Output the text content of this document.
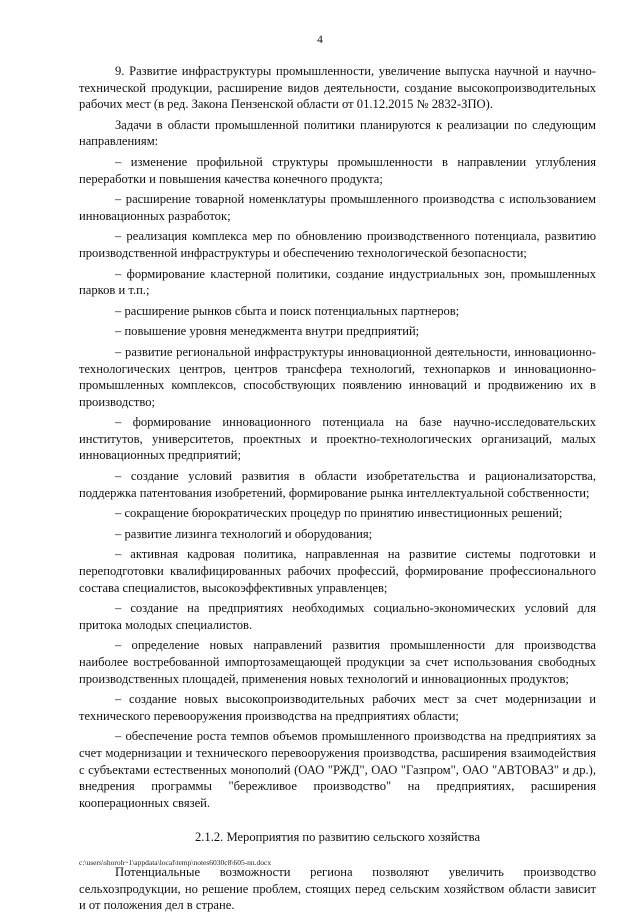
4

9. Развитие инфраструктуры промышленности, увеличение выпуска научной и научно-технической продукции, расширение видов деятельности, создание высокопроизводительных рабочих мест (в ред. Закона Пензенской области от 01.12.2015 № 2832-ЗПО).

Задачи в области промышленной политики планируются к реализации по следующим направлениям:

– изменение профильной структуры промышленности в направлении углубления переработки и повышения качества конечного продукта;

– расширение товарной номенклатуры промышленного производства с использованием инновационных разработок;

– реализация комплекса мер по обновлению производственного потенциала, развитию производственной инфраструктуры и обеспечению технологической безопасности;

– формирование кластерной политики, создание индустриальных зон, промышленных парков и т.п.;

– расширение рынков сбыта и поиск потенциальных партнеров;

– повышение уровня менеджмента внутри предприятий;

– развитие региональной инфраструктуры инновационной деятельности, инновационно-технологических центров, центров трансфера технологий, технопарков и инновационно-промышленных комплексов, способствующих появлению инноваций и продвижению их в производство;

– формирование инновационного потенциала на базе научно-исследовательских институтов, университетов, проектных и проектно-технологических организаций, малых инновационных предприятий;

– создание условий развития в области изобретательства и рационализаторства, поддержка патентования изобретений, формирование рынка интеллектуальной собственности;

– сокращение бюрократических процедур по принятию инвестиционных решений;

– развитие лизинга технологий и оборудования;

– активная кадровая политика, направленная на развитие системы подготовки и переподготовки квалифицированных рабочих профессий, формирование профессионального состава специалистов, высокоэффективных управленцев;

– создание на предприятиях необходимых социально-экономических условий для притока молодых специалистов.

– определение новых направлений развития промышленности для производства наиболее востребованной импортозамещающей продукции за счет использования свободных производственных площадей, применения новых технологий и инновационных продуктов;

– создание новых высокопроизводительных рабочих мест за счет модернизации и технического перевооружения производства на предприятиях области;

– обеспечение роста темпов объемов промышленного производства на предприятиях за счет модернизации и технического перевооружения производства, расширения взаимодействия с субъектами естественных монополий (ОАО "РЖД", ОАО "Газпром", ОАО "АВТОВАЗ" и др.), внедрения программы "бережливое производство" на предприятиях, расширения кооперационных связей.

2.1.2. Мероприятия по развитию сельского хозяйства

Потенциальные возможности региона позволяют увеличить производство сельхозпродукции, но решение проблем, стоящих перед сельским хозяйством области зависит и от положения дел в стране.

c:\users\shoroh~1\appdata\local\temp\notes6030c8\605-nn.docx
